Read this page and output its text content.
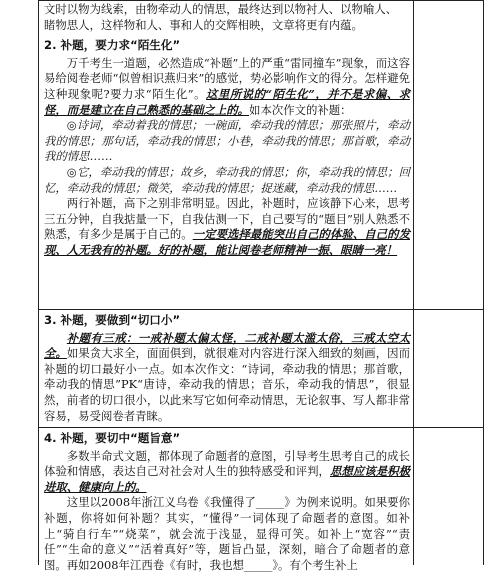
文时以物为线索，由物牵动人的情思，最终达到以物衬人、以物喻人、

睹物思人，这样物和人、事和人的交辉相映，文章将更有内蕴。

2. 补题，要力求“陌生化”

万千考生一道题，必然造成“补题”上的严重“雷同撞车”现象，而这容易给阅卷老师“似曾相识燕归来”的感觉，势必影响作文的得分。怎样避免这种现象呢?要力求“陌生化”。这里所说的“陌生化”，并不是求偏、求怪，而是建立在自己熟悉的基础之上的。如本次作文的补题：

◎诗词，牵动着我的情思；一碗面，牵动我的情思；那张照片，牵动我的情思；那句话，牵动我的情思；小巷，牵动我的情思；那首歌，牵动我的情思……

◎它，牵动我的情思；故乡，牵动我的情思；你，牵动我的情思；回忆，牵动我的情思；微笑，牵动我的情思；捉迷藏，牵动我的情思……

两行补题，高下之别非常明显。因此，补题时，应该静下心来，思考三五分钟，自我掂量一下，自我估测一下，自己要写的“题目”别人熟悉不熟悉，有多少是属于自己的。一定要选择最能突出自己的体验、自己的发现、人无我有的补题。好的补题，能让阅卷老师精神一振、眼睛一亮！

3. 补题，要做到“切口小”

补题有三戒：一戒补题太偏太怪，二戒补题太滥太俗，三戒太空太全。如果贪大求全，面面俱到，就很难对内容进行深入细致的刻画，因而补题的切口最好小一点。如本次作文：“诗词，牵动我的情思；那首歌，牵动我的情思”PK“唐诗，牵动我的情思；音乐，牵动我的情思”，很显然，前者的切口很小，以此来写它如何牵动情思，无论叙事、写人都非常容易，易受阅卷者青睐。

4. 补题，要切中“题旨意”

多数半命式文题，都体现了命题者的意图，引导考生思考自己的成长体验和情感，表达自己对社会对人生的独特感受和评判，思想应该是积极进取、健康向上的。

这里以2008年浙江义乌卷《我懂得了_____》为例来说明。如果要你补题，你将如何补题？其实，“懂得”一词体现了命题者的意图。如补上“骑自行车”“烧菜”，就会流于浅显，显得可笑。如补上“宽容”“责任”“生命的意义”“活着真好”等，题旨凸显，深刻，暗合了命题者的意图。再如2008年江西卷《有时，我也想_____》。有个考生补上
